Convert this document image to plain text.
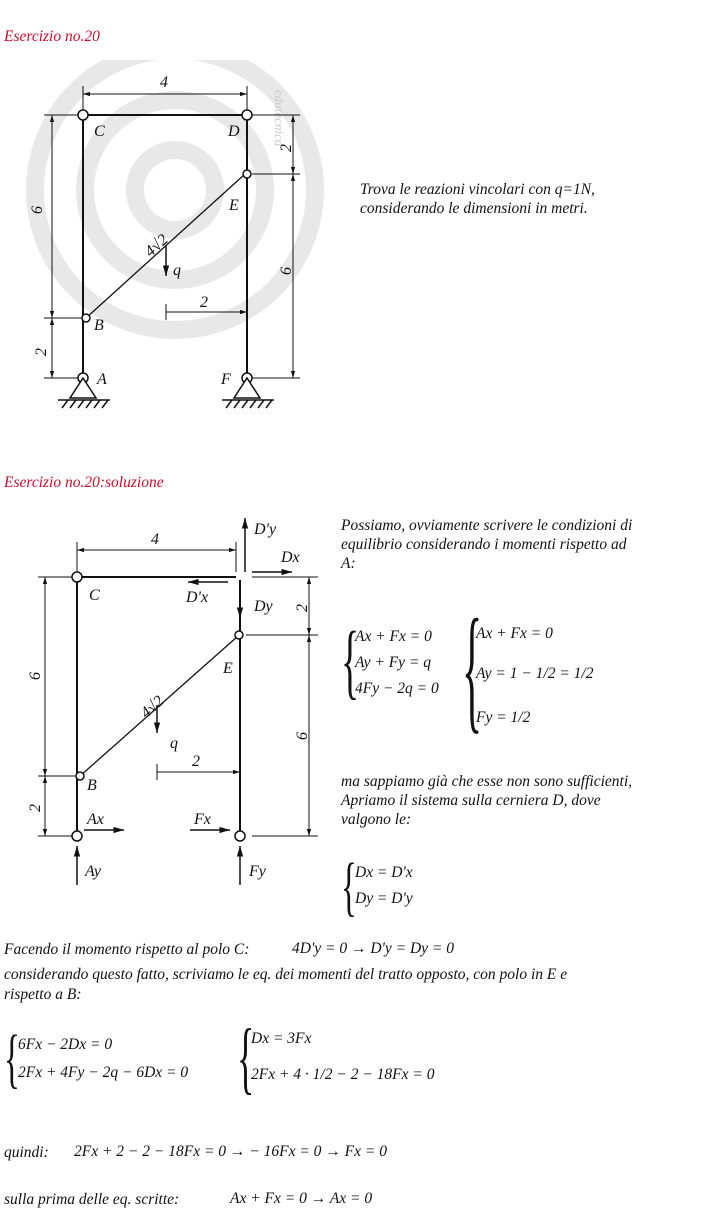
Esercizio no.20
edutecnica
4
6
2
2
6
2
C	D
E
B
A	F
q
4√2
Trova le reazioni vincolari con q=1N,
considerando le dimensioni in metri.
Esercizio no.20:soluzione
4
6
2
2
6
2
C
E
B
q
4√2
Ax
Ay
Fx
Fy
D'y
Dx
D'x
Dy
Possiamo, ovviamente scrivere le condizioni di
equilibrio considerando i momenti rispetto ad
A:
{
Ax + Fx = 0
Ay + Fy = q
4Fy − 2q = 0 {
Ax + Fx = 0
Ay = 1 − 1/2 = 1/2
Fy = 1/2
ma sappiamo già che esse non sono sufficienti,
Apriamo il sistema sulla cerniera D, dove
valgono le:
{
Dx = D'x
Dy = D'y
Facendo il momento rispetto al polo C:	4D'y = 0 → D'y = Dy = 0
considerando questo fatto, scriviamo le eq. dei momenti del tratto opposto, con polo in E e
rispetto a B:
{
6Fx − 2Dx = 0
2Fx + 4Fy − 2q − 6Dx = 0 {
Dx = 3Fx
2Fx + 4 · 1/2 − 2 − 18Fx = 0
quindi: 2Fx + 2 − 2 − 18Fx = 0 → − 16Fx = 0 → Fx = 0
sulla prima delle eq. scritte:	Ax + Fx = 0 → Ax = 0
